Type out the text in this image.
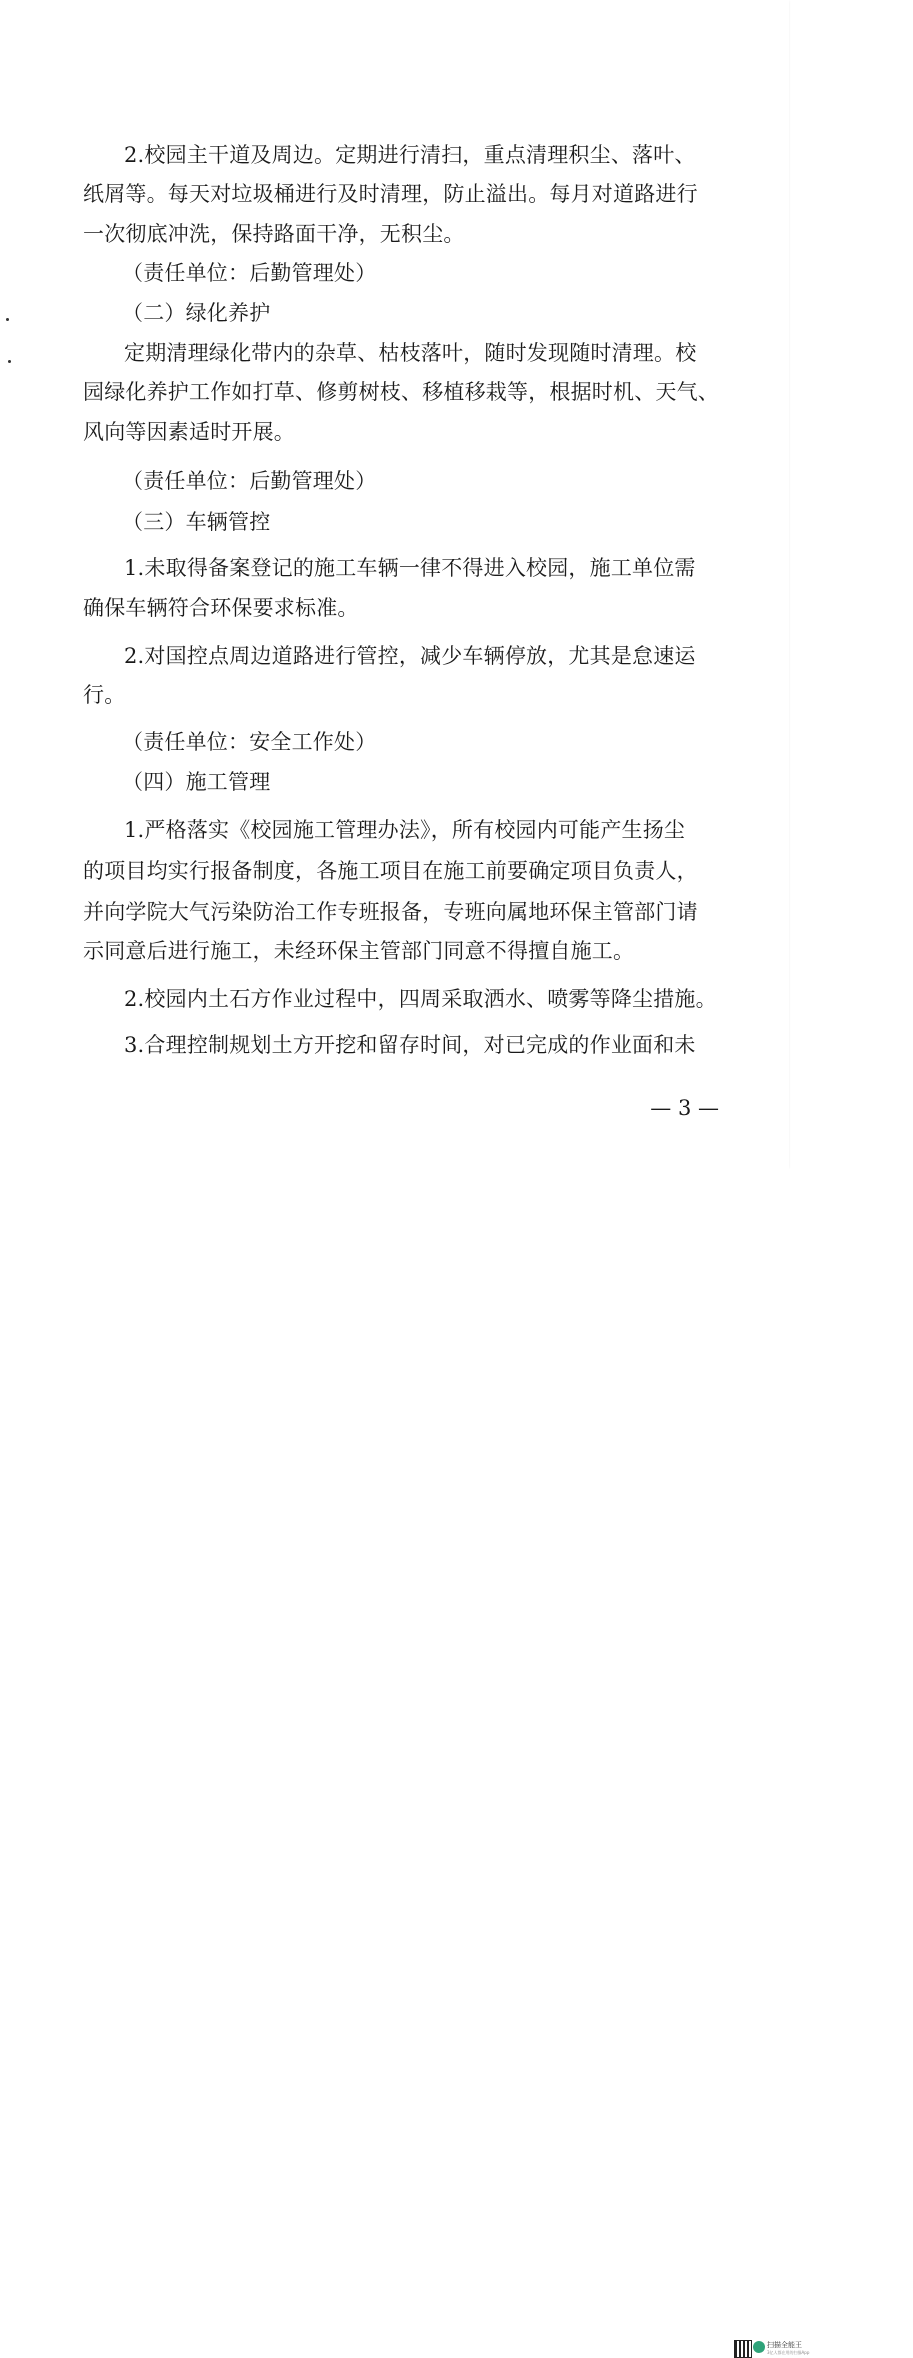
2.校园主干道及周边。定期进行清扫，重点清理积尘、落叶、
纸屑等。每天对垃圾桶进行及时清理，防止溢出。每月对道路进行
一次彻底冲洗，保持路面干净，无积尘。
（责任单位：后勤管理处）
（二）绿化养护
定期清理绿化带内的杂草、枯枝落叶，随时发现随时清理。校
园绿化养护工作如打草、修剪树枝、移植移栽等，根据时机、天气、
风向等因素适时开展。
（责任单位：后勤管理处）
（三）车辆管控
1.未取得备案登记的施工车辆一律不得进入校园，施工单位需
确保车辆符合环保要求标准。
2.对国控点周边道路进行管控，减少车辆停放，尤其是怠速运
行。
（责任单位：安全工作处）
（四）施工管理
1.严格落实《校园施工管理办法》，所有校园内可能产生扬尘
的项目均实行报备制度，各施工项目在施工前要确定项目负责人，
并向学院大气污染防治工作专班报备，专班向属地环保主管部门请
示同意后进行施工，未经环保主管部门同意不得擅自施工。
2.校园内土石方作业过程中，四周采取洒水、喷雾等降尘措施。
3.合理控制规划土方开挖和留存时间，对已完成的作业面和未
— 3 —
扫描全能王
3亿人都在用的扫描App
